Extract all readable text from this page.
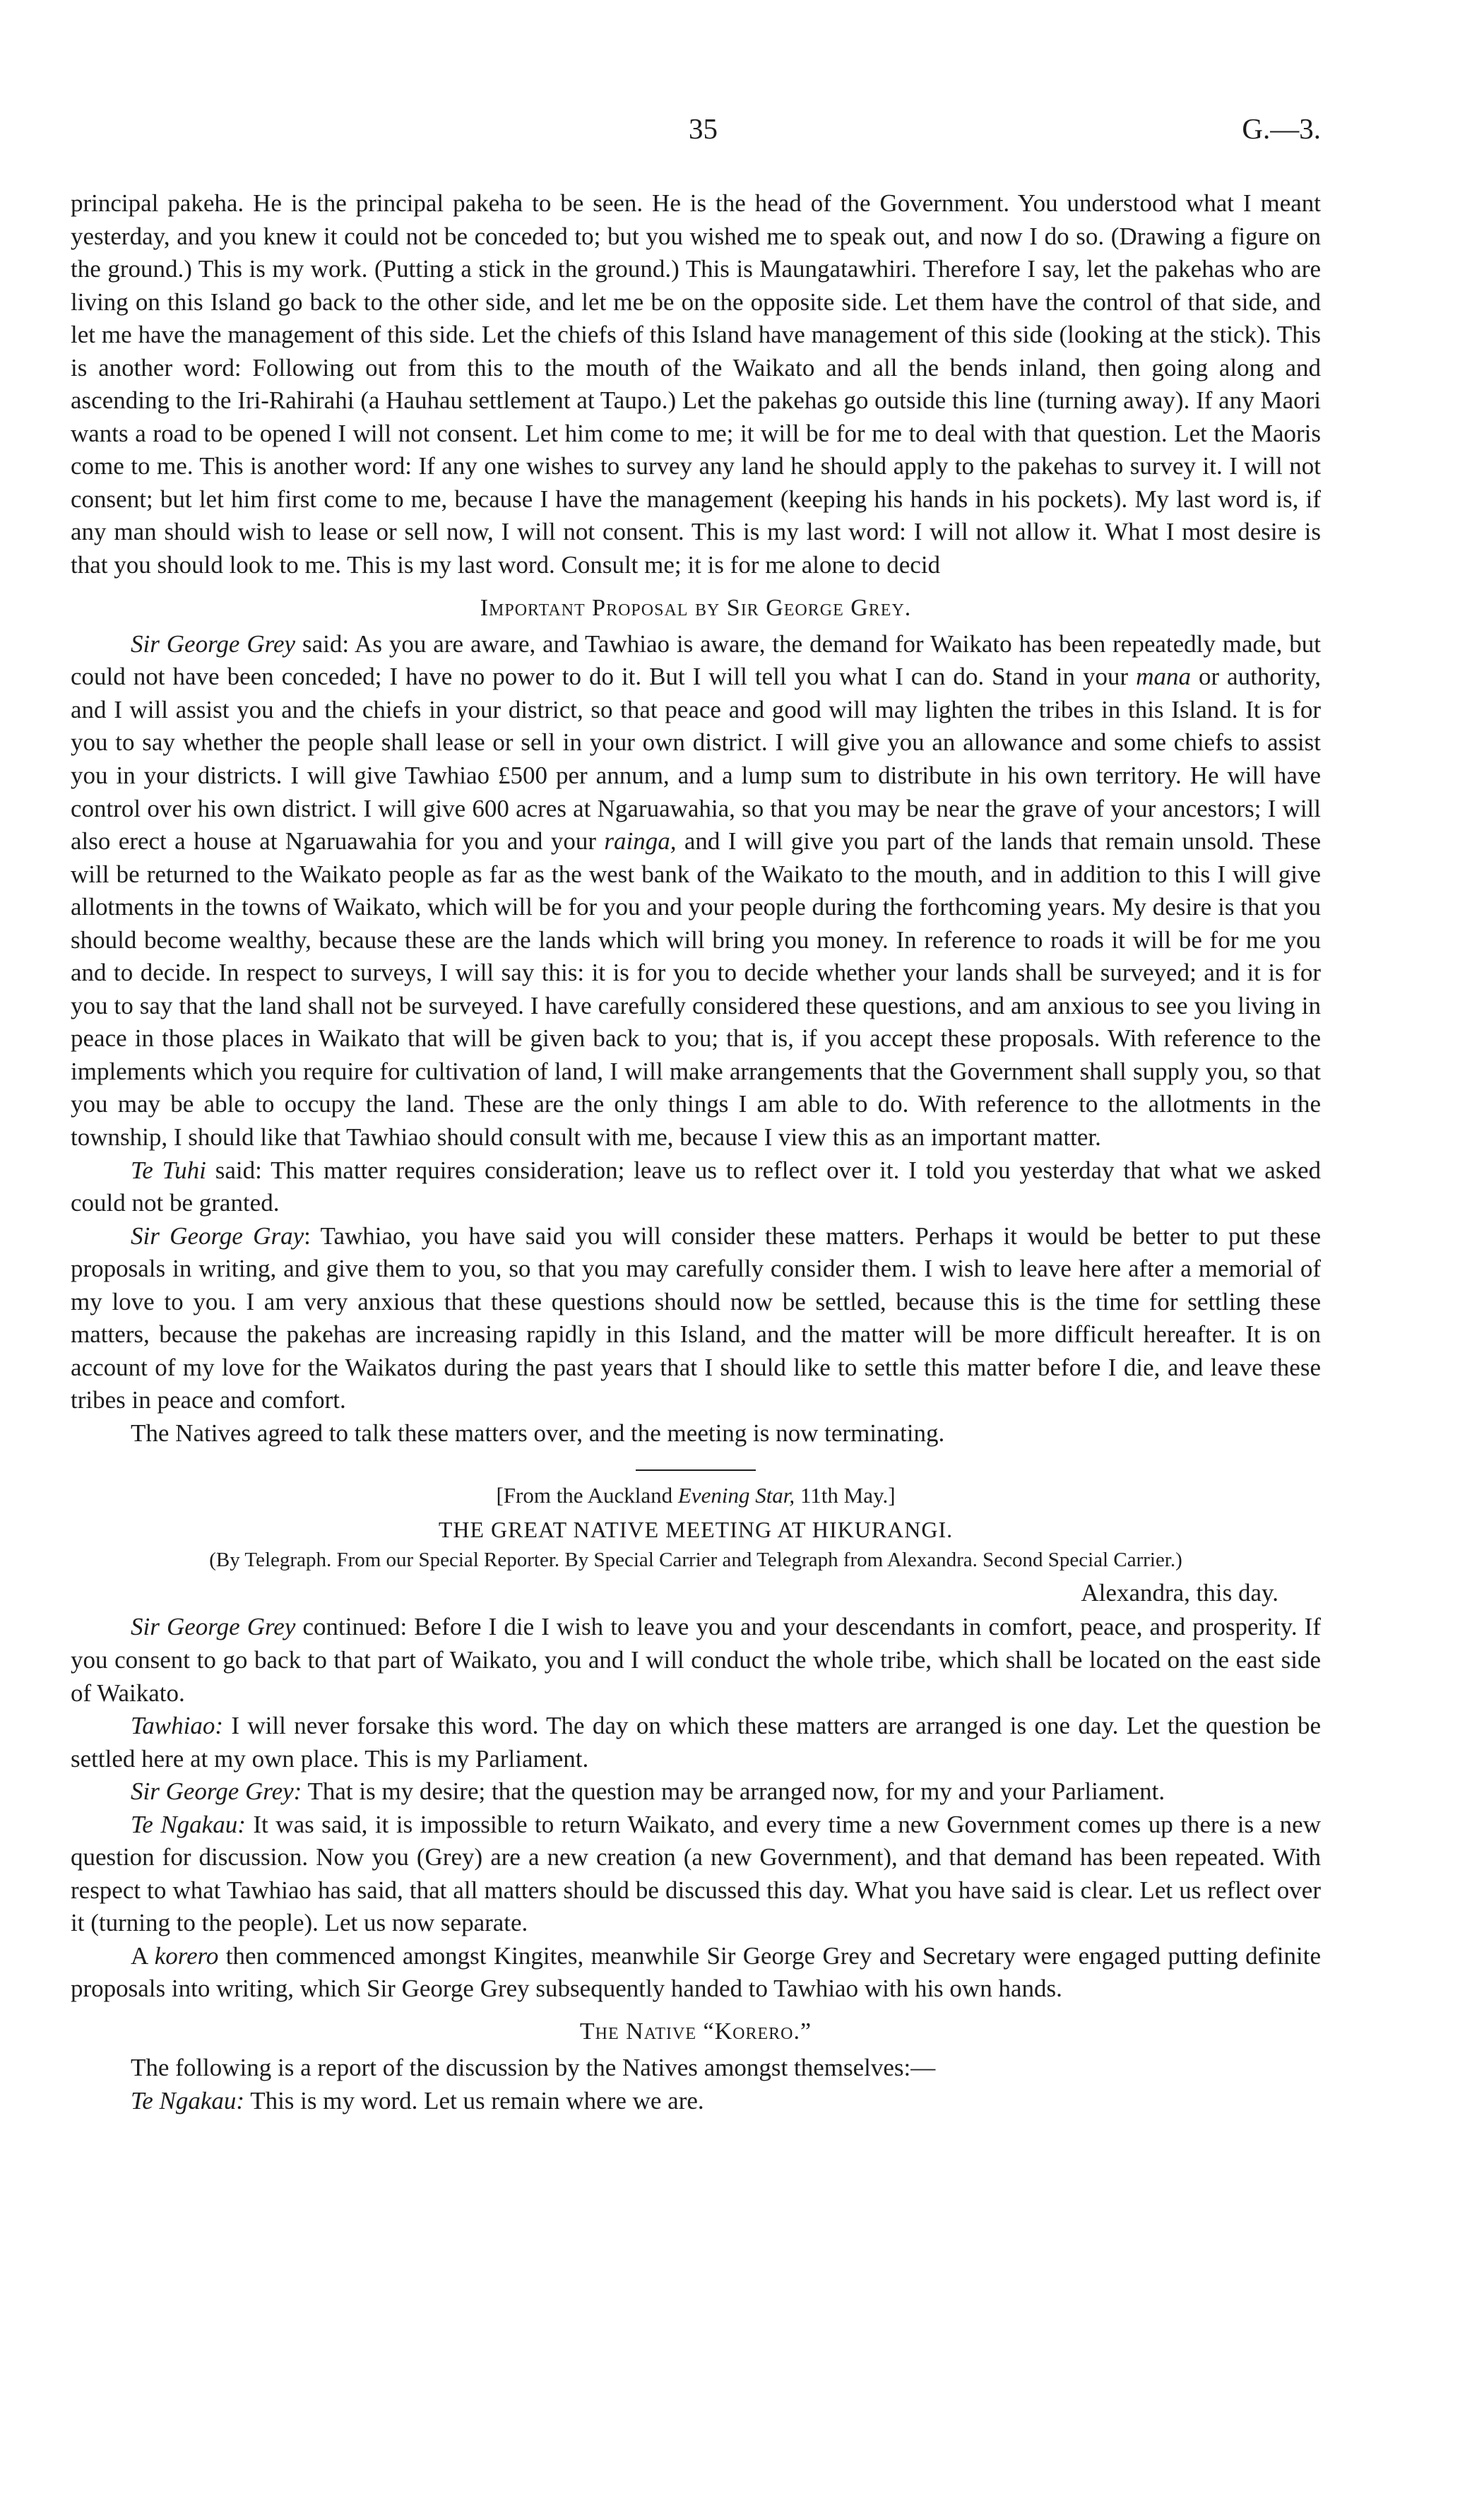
35	G.—3.

principal pakeha. He is the principal pakeha to be seen. He is the head of the Government. You understood what I meant yesterday, and you knew it could not be conceded to; but you wished me to speak out, and now I do so. (Drawing a figure on the ground.) This is my work. (Putting a stick in the ground.) This is Maungatawhiri. Therefore I say, let the pakehas who are living on this Island go back to the other side, and let me be on the opposite side. Let them have the control of that side, and let me have the management of this side. Let the chiefs of this Island have management of this side (looking at the stick). This is another word: Following out from this to the mouth of the Waikato and all the bends inland, then going along and ascending to the Iri-Rahirahi (a Hauhau settlement at Taupo.) Let the pakehas go outside this line (turning away). If any Maori wants a road to be opened I will not consent. Let him come to me; it will be for me to deal with that question. Let the Maoris come to me. This is another word: If any one wishes to survey any land he should apply to the pakehas to survey it. I will not consent; but let him first come to me, because I have the management (keeping his hands in his pockets). My last word is, if any man should wish to lease or sell now, I will not consent. This is my last word: I will not allow it. What I most desire is that you should look to me. This is my last word. Consult me; it is for me alone to decid

Important Proposal by Sir George Grey.

Sir George Grey said: As you are aware, and Tawhiao is aware, the demand for Waikato has been repeatedly made, but could not have been conceded; I have no power to do it. But I will tell you what I can do. Stand in your mana or authority, and I will assist you and the chiefs in your district, so that peace and good will may lighten the tribes in this Island. It is for you to say whether the people shall lease or sell in your own district. I will give you an allowance and some chiefs to assist you in your districts. I will give Tawhiao £500 per annum, and a lump sum to distribute in his own territory. He will have control over his own district. I will give 600 acres at Ngaruawahia, so that you may be near the grave of your ancestors; I will also erect a house at Ngaruawahia for you and your rainga, and I will give you part of the lands that remain unsold. These will be returned to the Waikato people as far as the west bank of the Waikato to the mouth, and in addition to this I will give allotments in the towns of Waikato, which will be for you and your people during the forthcoming years. My desire is that you should become wealthy, because these are the lands which will bring you money. In reference to roads it will be for me you and to decide. In respect to surveys, I will say this: it is for you to decide whether your lands shall be surveyed; and it is for you to say that the land shall not be surveyed. I have carefully considered these questions, and am anxious to see you living in peace in those places in Waikato that will be given back to you; that is, if you accept these proposals. With reference to the implements which you require for cultivation of land, I will make arrangements that the Government shall supply you, so that you may be able to occupy the land. These are the only things I am able to do. With reference to the allotments in the township, I should like that Tawhiao should consult with me, because I view this as an important matter.

Te Tuhi said: This matter requires consideration; leave us to reflect over it. I told you yesterday that what we asked could not be granted.

Sir George Gray: Tawhiao, you have said you will consider these matters. Perhaps it would be better to put these proposals in writing, and give them to you, so that you may carefully consider them. I wish to leave here after a memorial of my love to you. I am very anxious that these questions should now be settled, because this is the time for settling these matters, because the pakehas are increasing rapidly in this Island, and the matter will be more difficult hereafter. It is on account of my love for the Waikatos during the past years that I should like to settle this matter before I die, and leave these tribes in peace and comfort.

The Natives agreed to talk these matters over, and the meeting is now terminating.

[From the Auckland Evening Star, 11th May.]
THE GREAT NATIVE MEETING AT HIKURANGI.
(By Telegraph. From our Special Reporter. By Special Carrier and Telegraph from Alexandra. Second Special Carrier.)
Alexandra, this day.

Sir George Grey continued: Before I die I wish to leave you and your descendants in comfort, peace, and prosperity. If you consent to go back to that part of Waikato, you and I will conduct the whole tribe, which shall be located on the east side of Waikato.

Tawhiao: I will never forsake this word. The day on which these matters are arranged is one day. Let the question be settled here at my own place. This is my Parliament.

Sir George Grey: That is my desire; that the question may be arranged now, for my and your Parliament.

Te Ngakau: It was said, it is impossible to return Waikato, and every time a new Government comes up there is a new question for discussion. Now you (Grey) are a new creation (a new Government), and that demand has been repeated. With respect to what Tawhiao has said, that all matters should be discussed this day. What you have said is clear. Let us reflect over it (turning to the people). Let us now separate.

A korero then commenced amongst Kingites, meanwhile Sir George Grey and Secretary were engaged putting definite proposals into writing, which Sir George Grey subsequently handed to Tawhiao with his own hands.

The Native “Korero.”

The following is a report of the discussion by the Natives amongst themselves:—

Te Ngakau: This is my word. Let us remain where we are.
